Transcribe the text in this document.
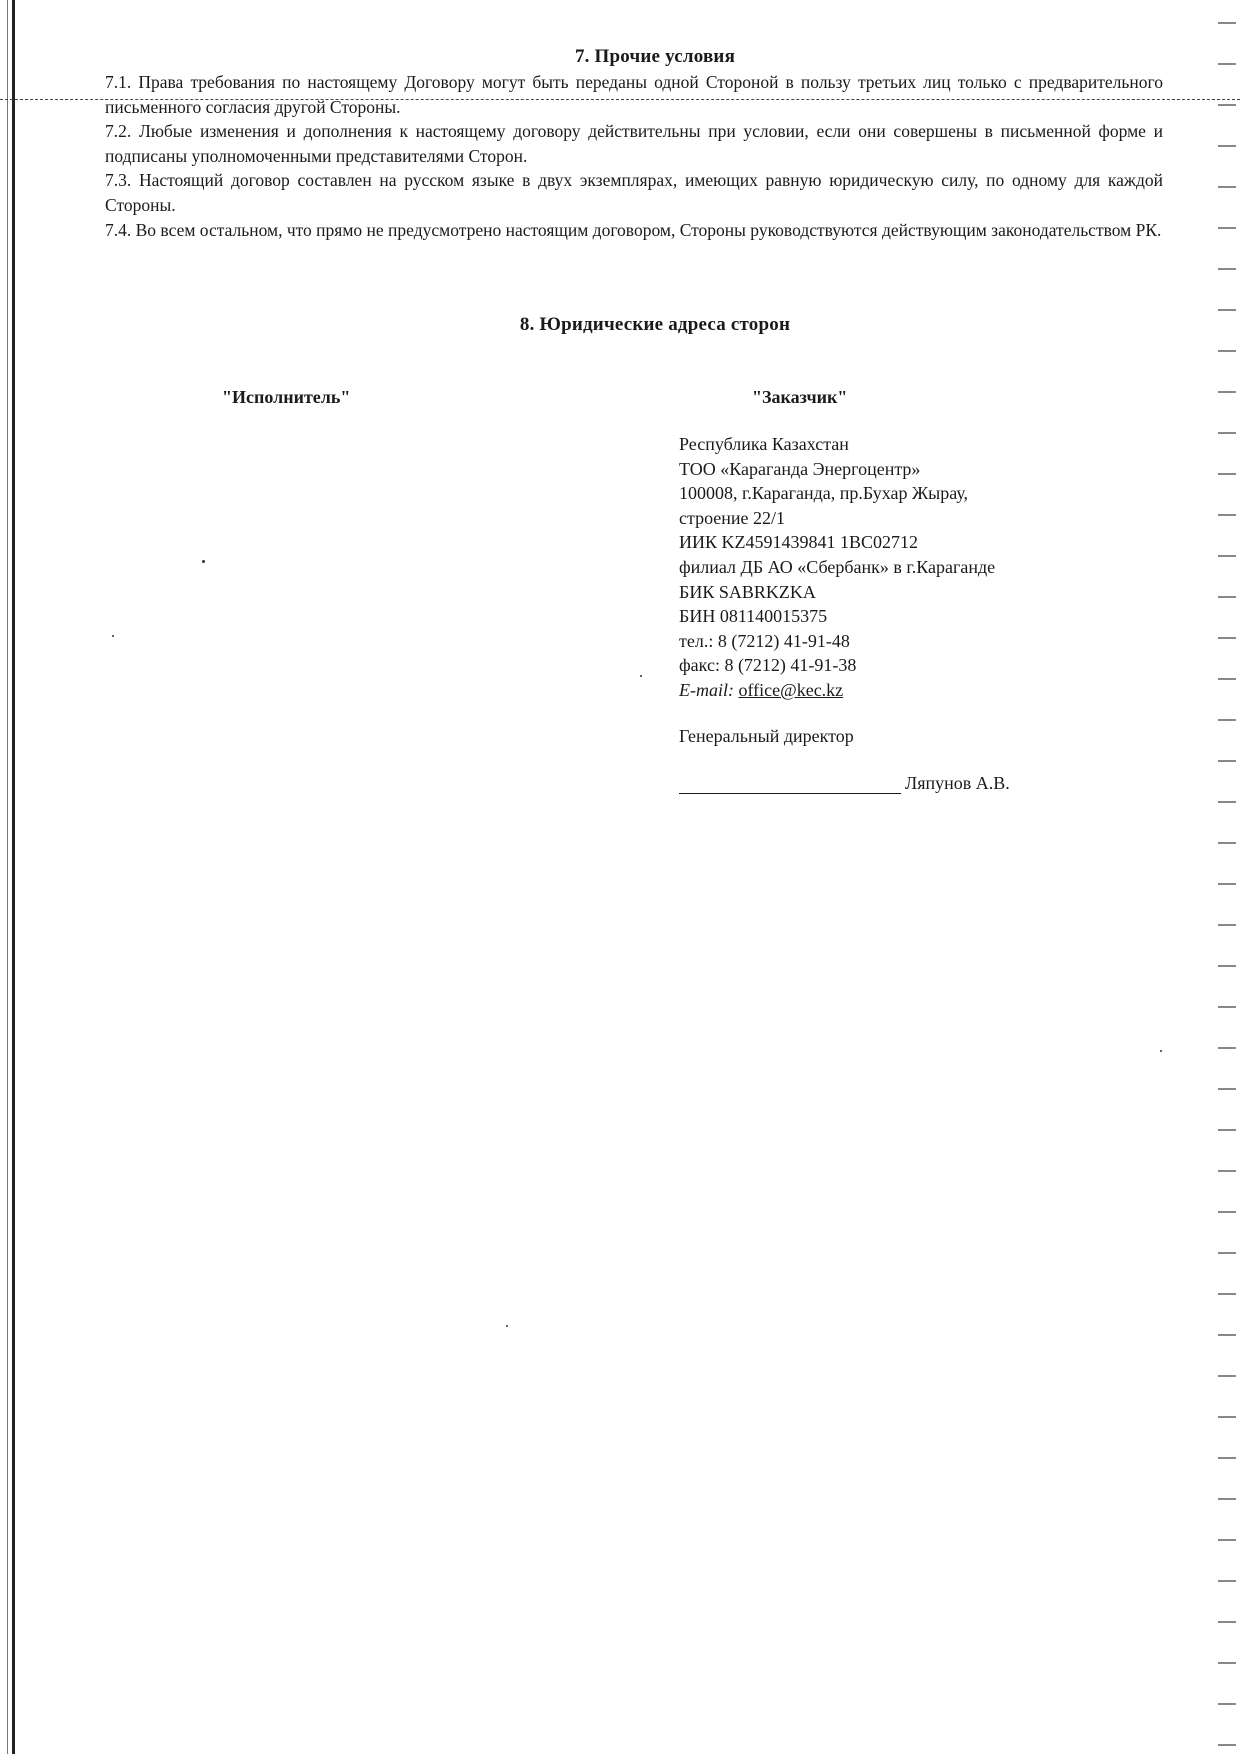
7. Прочие условия

7.1. Права требования по настоящему Договору могут быть переданы одной Стороной в пользу третьих лиц только с предварительного письменного согласия другой Стороны.

7.2. Любые изменения и дополнения к настоящему договору действительны при условии, если они совершены в письменной форме и подписаны уполномоченными представителями Сторон.

7.3. Настоящий договор составлен на русском языке в двух экземплярах, имеющих равную юридическую силу, по одному для каждой Стороны.

7.4. Во всем остальном, что прямо не предусмотрено настоящим договором, Стороны руководствуются действующим законодательством РК.

8. Юридические адреса сторон
"Исполнитель"	"Заказчик"
Республика Казахстан
ТОО «Караганда Энергоцентр»
100008, г.Караганда, пр.Бухар Жырау,
строение 22/1
ИИК KZ4591439841 1BC02712
филиал ДБ АО «Сбербанк» в г.Караганде
БИК SABRKZKA
БИН 081140015375
тел.: 8 (7212) 41-91-48
факс: 8 (7212) 41-91-38
E-mail: office@kec.kz
Генеральный директор
Ляпунов А.В.
